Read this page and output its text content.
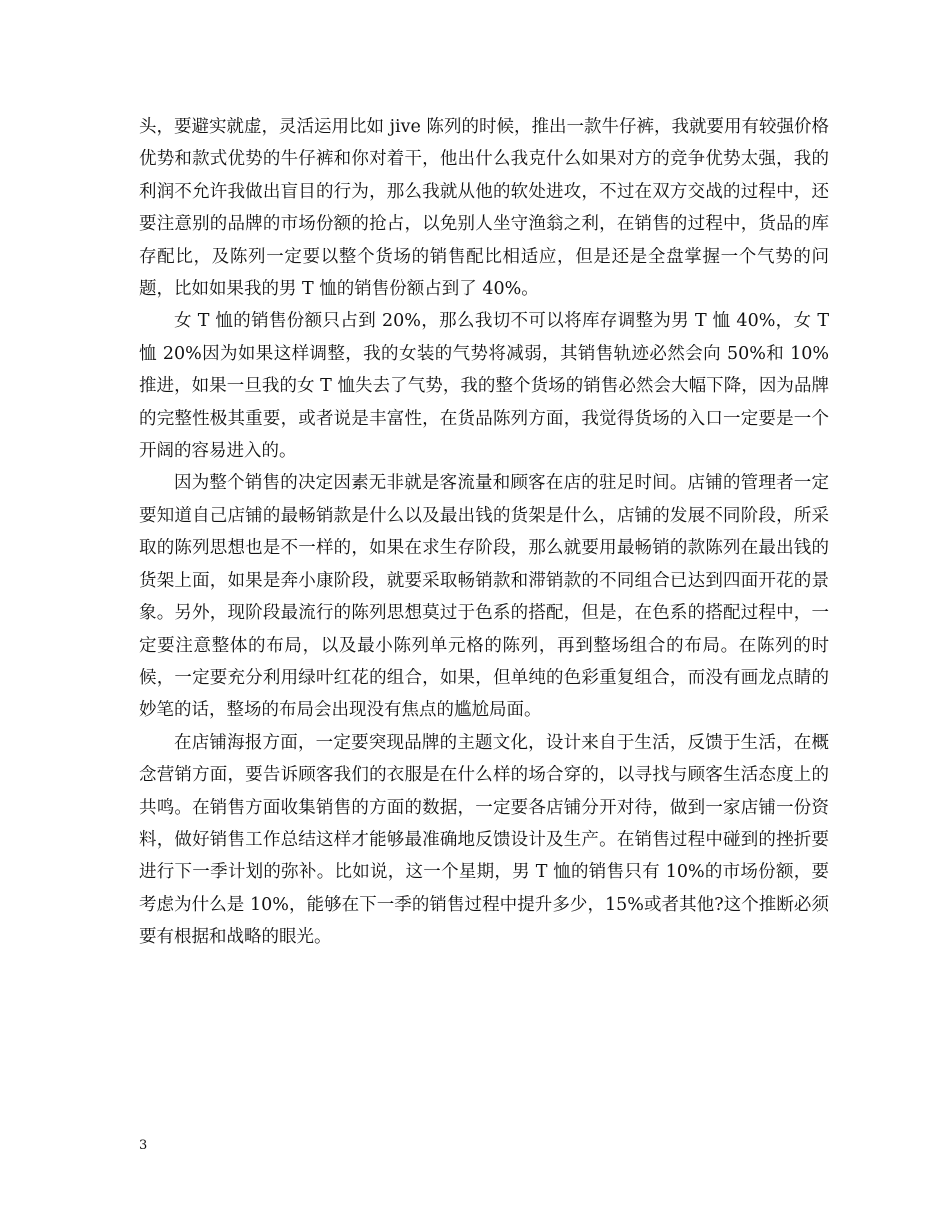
头，要避实就虚，灵活运用比如 jive 陈列的时候，推出一款牛仔裤，我就要用有较强价格优势和款式优势的牛仔裤和你对着干，他出什么我克什么如果对方的竞争优势太强，我的利润不允许我做出盲目的行为，那么我就从他的软处进攻，不过在双方交战的过程中，还要注意别的品牌的市场份额的抢占，以免别人坐守渔翁之利，在销售的过程中，货品的库存配比，及陈列一定要以整个货场的销售配比相适应，但是还是全盘掌握一个气势的问题，比如如果我的男 T 恤的销售份额占到了 40%。

女 T 恤的销售份额只占到 20%，那么我切不可以将库存调整为男 T 恤 40%，女 T 恤 20%因为如果这样调整，我的女装的气势将减弱，其销售轨迹必然会向 50%和 10%推进，如果一旦我的女 T 恤失去了气势，我的整个货场的销售必然会大幅下降，因为品牌的完整性极其重要，或者说是丰富性，在货品陈列方面，我觉得货场的入口一定要是一个开阔的容易进入的。

因为整个销售的决定因素无非就是客流量和顾客在店的驻足时间。店铺的管理者一定要知道自己店铺的最畅销款是什么以及最出钱的货架是什么，店铺的发展不同阶段，所采取的陈列思想也是不一样的，如果在求生存阶段，那么就要用最畅销的款陈列在最出钱的货架上面，如果是奔小康阶段，就要采取畅销款和滞销款的不同组合已达到四面开花的景象。另外，现阶段最流行的陈列思想莫过于色系的搭配，但是，在色系的搭配过程中，一定要注意整体的布局，以及最小陈列单元格的陈列，再到整场组合的布局。在陈列的时候，一定要充分利用绿叶红花的组合，如果，但单纯的色彩重复组合，而没有画龙点睛的妙笔的话，整场的布局会出现没有焦点的尴尬局面。

在店铺海报方面，一定要突现品牌的主题文化，设计来自于生活，反馈于生活，在概念营销方面，要告诉顾客我们的衣服是在什么样的场合穿的，以寻找与顾客生活态度上的共鸣。在销售方面收集销售的方面的数据，一定要各店铺分开对待，做到一家店铺一份资料，做好销售工作总结这样才能够最准确地反馈设计及生产。在销售过程中碰到的挫折要进行下一季计划的弥补。比如说，这一个星期，男 T 恤的销售只有 10%的市场份额，要考虑为什么是 10%，能够在下一季的销售过程中提升多少，15%或者其他?这个推断必须要有根据和战略的眼光。

3
